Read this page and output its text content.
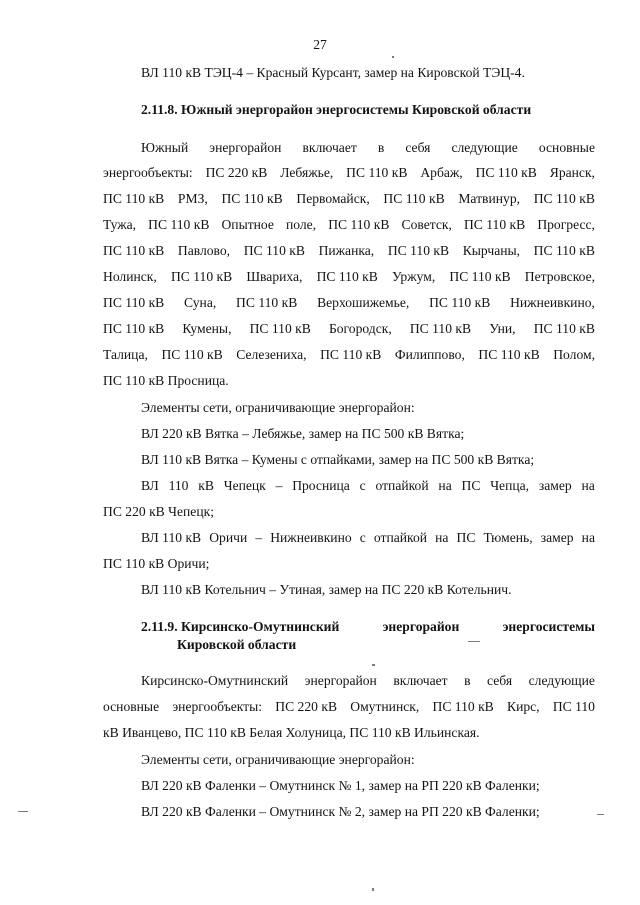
27
ВЛ 110 кВ ТЭЦ-4 – Красный Курсант, замер на Кировской ТЭЦ-4.
2.11.8. Южный энергорайон энергосистемы Кировской области
Южный энергорайон включает в себя следующие основные
энергообъекты: ПС 220 кВ Лебяжье, ПС 110 кВ Арбаж, ПС 110 кВ Яранск,
ПС 110 кВ РМЗ, ПС 110 кВ Первомайск, ПС 110 кВ Матвинур, ПС 110 кВ
Тужа, ПС 110 кВ Опытное поле, ПС 110 кВ Советск, ПС 110 кВ Прогресс,
ПС 110 кВ Павлово, ПС 110 кВ Пижанка, ПС 110 кВ Кырчаны, ПС 110 кВ
Нолинск, ПС 110 кВ Швариха, ПС 110 кВ Уржум, ПС 110 кВ Петровское,
ПС 110 кВ Суна, ПС 110 кВ Верхошижемье, ПС 110 кВ Нижнеивкино,
ПС 110 кВ Кумены, ПС 110 кВ Богородск, ПС 110 кВ Уни, ПС 110 кВ
Талица, ПС 110 кВ Селезениха, ПС 110 кВ Филиппово, ПС 110 кВ Полом,
ПС 110 кВ Просница.
Элементы сети, ограничивающие энергорайон:
ВЛ 220 кВ Вятка – Лебяжье, замер на ПС 500 кВ Вятка;
ВЛ 110 кВ Вятка – Кумены с отпайками, замер на ПС 500 кВ Вятка;
ВЛ 110 кВ Чепецк – Просница с отпайкой на ПС Чепца, замер на
ПС 220 кВ Чепецк;
ВЛ 110 кВ Оричи – Нижнеивкино с отпайкой на ПС Тюмень, замер на
ПС 110 кВ Оричи;
ВЛ 110 кВ Котельнич – Утиная, замер на ПС 220 кВ Котельнич.
2.11.9. Кирсинско-Омутнинский	энергорайон	энергосистемы
Кировской области
Кирсинско-Омутнинский энергорайон включает в себя следующие
основные энергообъекты: ПС 220 кВ Омутнинск, ПС 110 кВ Кирс, ПС 110
кВ Иванцево, ПС 110 кВ Белая Холуница, ПС 110 кВ Ильинская.
Элементы сети, ограничивающие энергорайон:
ВЛ 220 кВ Фаленки – Омутнинск № 1, замер на РП 220 кВ Фаленки;
ВЛ 220 кВ Фаленки – Омутнинск № 2, замер на РП 220 кВ Фаленки;
